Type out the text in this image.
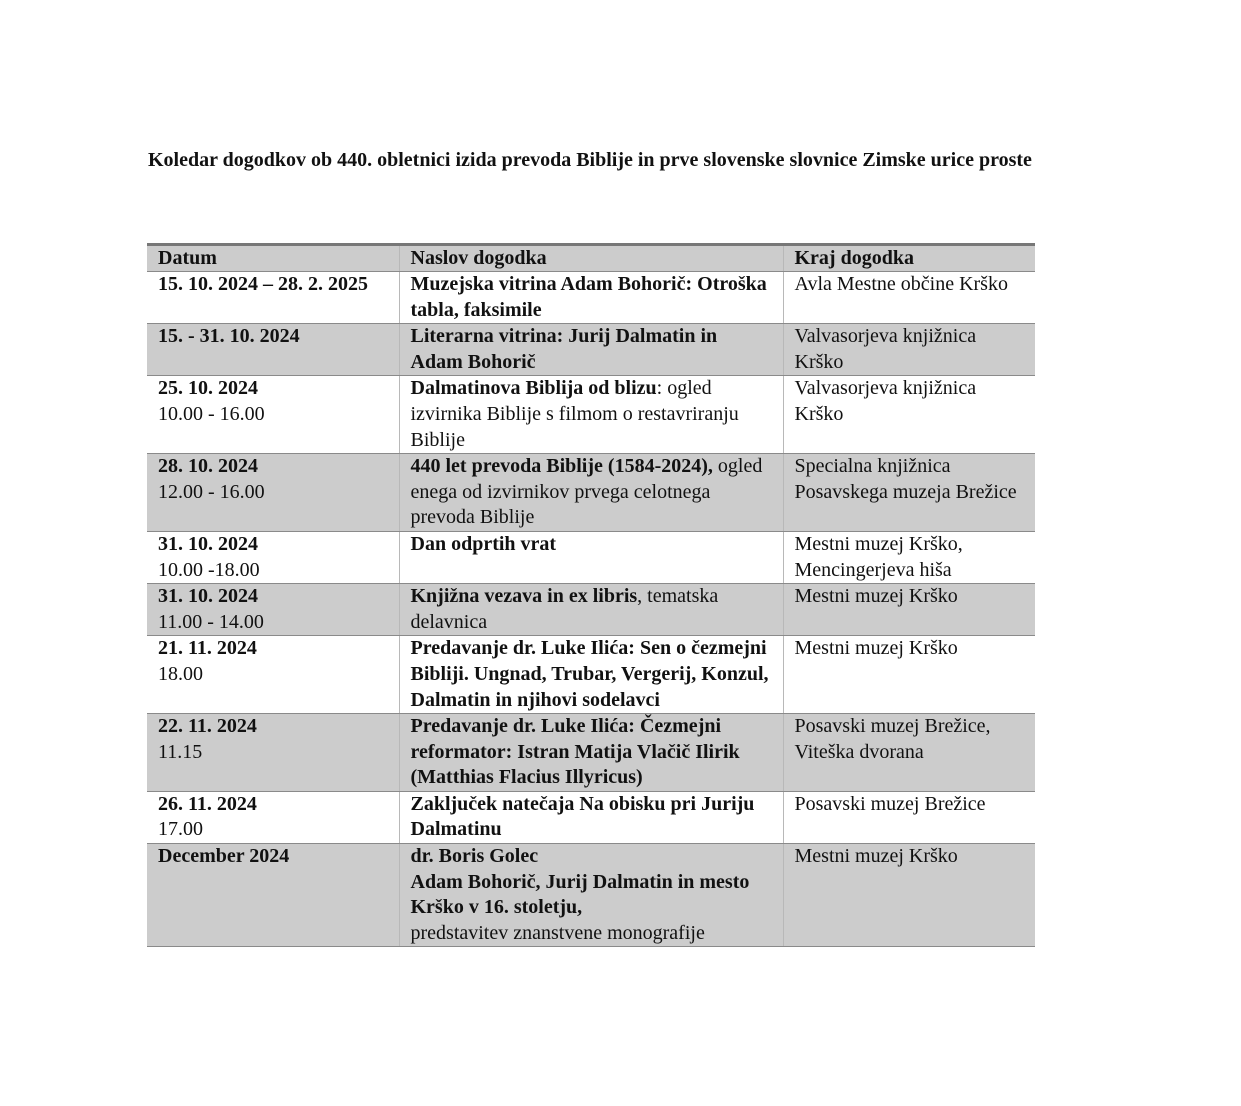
Koledar dogodkov ob 440. obletnici izida prevoda Biblije in prve slovenske slovnice Zimske urice proste

Datum	Naslov dogodka	Kraj dogodka

15. 10. 2024 – 28. 2. 2025	Muzejska vitrina Adam Bohorič: Otroška tabla, faksimile	Avla Mestne občine Krško

15. - 31. 10. 2024	Literarna vitrina: Jurij Dalmatin in Adam Bohorič	Valvasorjeva knjižnica Krško

25. 10. 2024
10.00 - 16.00	Dalmatinova Biblija od blizu: ogled izvirnika Biblije s filmom o restavriranju Biblije	Valvasorjeva knjižnica Krško

28. 10. 2024
12.00 - 16.00	440 let prevoda Biblije (1584-2024), ogled enega od izvirnikov prvega celotnega prevoda Biblije	Specialna knjižnica Posavskega muzeja Brežice

31. 10. 2024
10.00 -18.00	Dan odprtih vrat	Mestni muzej Krško, Mencingerjeva hiša

31. 10. 2024
11.00 - 14.00	Knjižna vezava in ex libris, tematska delavnica	Mestni muzej Krško

21. 11. 2024
18.00	Predavanje dr. Luke Ilića: Sen o čezmejni Bibliji. Ungnad, Trubar, Vergerij, Konzul, Dalmatin in njihovi sodelavci	Mestni muzej Krško

22. 11. 2024
11.15	Predavanje dr. Luke Ilića: Čezmejni reformator: Istran Matija Vlačič Ilirik (Matthias Flacius Illyricus)	Posavski muzej Brežice, Viteška dvorana

26. 11. 2024
17.00	Zaključek natečaja Na obisku pri Juriju Dalmatinu	Posavski muzej Brežice

December 2024	dr. Boris Golec
Adam Bohorič, Jurij Dalmatin in mesto Krško v 16. stoletju,
predstavitev znanstvene monografije	Mestni muzej Krško
